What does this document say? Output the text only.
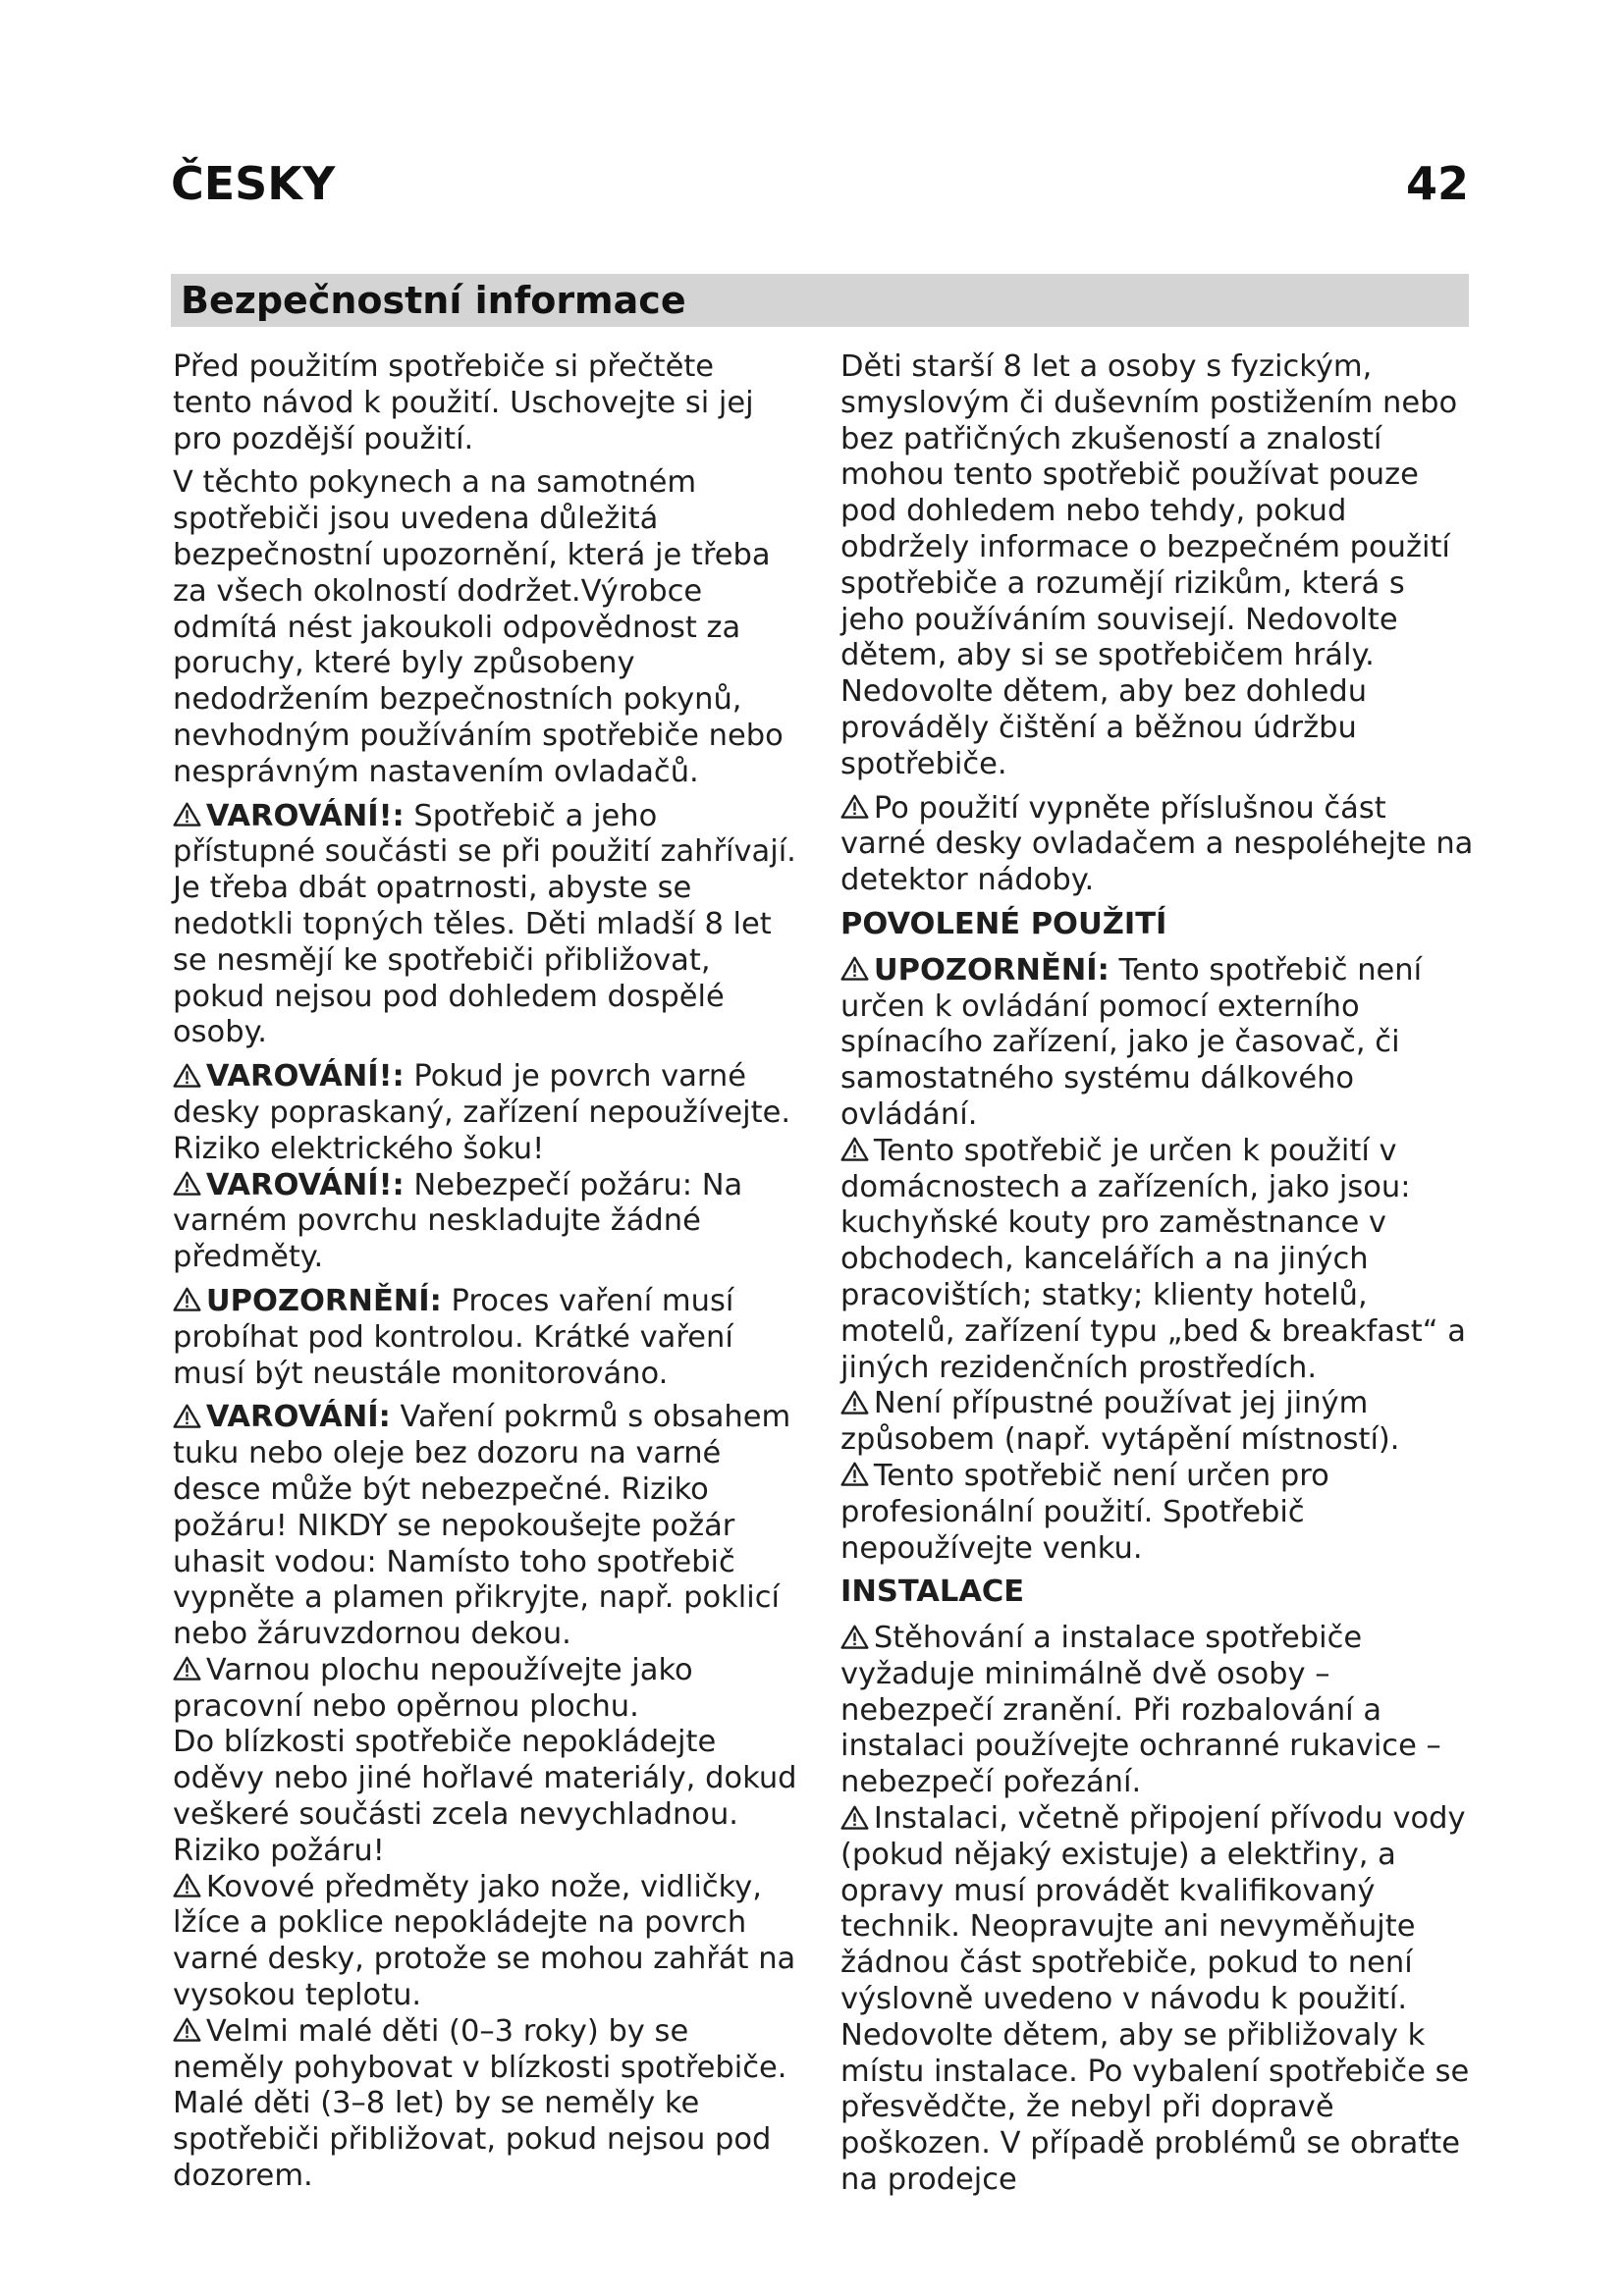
ČESKY	42
Bezpečnostní informace

Před použitím spotřebiče si přečtěte tento návod k použití. Uschovejte si jej pro pozdější použití.

V těchto pokynech a na samotném spotřebiči jsou uvedena důležitá bezpečnostní upozornění, která je třeba za všech okolností dodržet.Výrobce odmítá nést jakoukoli odpovědnost za poruchy, které byly způsobeny nedodržením bezpečnostních pokynů, nevhodným používáním spotřebiče nebo nesprávným nastavením ovladačů.

VAROVÁNÍ!: Spotřebič a jeho přístupné součásti se při použití zahřívají. Je třeba dbát opatrnosti, abyste se nedotkli topných těles. Děti mladší 8 let se nesmějí ke spotřebiči přibližovat, pokud nejsou pod dohledem dospělé osoby.

VAROVÁNÍ!: Pokud je povrch varné desky popraskaný, zařízení nepoužívejte. Riziko elektrického šoku!

VAROVÁNÍ!: Nebezpečí požáru: Na varném povrchu neskladujte žádné předměty.

UPOZORNĚNÍ: Proces vaření musí probíhat pod kontrolou. Krátké vaření musí být neustále monitorováno.

VAROVÁNÍ: Vaření pokrmů s obsahem tuku nebo oleje bez dozoru na varné desce může být nebezpečné. Riziko požáru! NIKDY se nepokoušejte požár uhasit vodou: Namísto toho spotřebič vypněte a plamen přikryjte, např. poklicí nebo žáruvzdornou dekou.

Varnou plochu nepoužívejte jako pracovní nebo opěrnou plochu.

Do blízkosti spotřebiče nepokládejte oděvy nebo jiné hořlavé materiály, dokud veškeré součásti zcela nevychladnou. Riziko požáru!

Kovové předměty jako nože, vidličky, lžíce a poklice nepokládejte na povrch varné desky, protože se mohou zahřát na vysokou teplotu.

Velmi malé děti (0–3 roky) by se neměly pohybovat v blízkosti spotřebiče. Malé děti (3–8 let) by se neměly ke spotřebiči přibližovat, pokud nejsou pod dozorem.

Děti starší 8 let a osoby s fyzickým, smyslovým či duševním postižením nebo bez patřičných zkušeností a znalostí mohou tento spotřebič používat pouze pod dohledem nebo tehdy, pokud obdržely informace o bezpečném použití spotřebiče a rozumějí rizikům, která s jeho používáním souvisejí. Nedovolte dětem, aby si se spotřebičem hrály. Nedovolte dětem, aby bez dohledu prováděly čištění a běžnou údržbu spotřebiče.

Po použití vypněte příslušnou část varné desky ovladačem a nespoléhejte na detektor nádoby.

POVOLENÉ POUŽITÍ

UPOZORNĚNÍ: Tento spotřebič není určen k ovládání pomocí externího spínacího zařízení, jako je časovač, či samostatného systému dálkového ovládání.

Tento spotřebič je určen k použití v domácnostech a zařízeních, jako jsou: kuchyňské kouty pro zaměstnance v obchodech, kancelářích a na jiných pracovištích; statky; klienty hotelů, motelů, zařízení typu „bed & breakfast“ a jiných rezidenčních prostředích.

Není přípustné používat jej jiným způsobem (např. vytápění místností).

Tento spotřebič není určen pro profesionální použití. Spotřebič nepoužívejte venku.

INSTALACE

Stěhování a instalace spotřebiče vyžaduje minimálně dvě osoby – nebezpečí zranění. Při rozbalování a instalaci používejte ochranné rukavice – nebezpečí pořezání.

Instalaci, včetně připojení přívodu vody (pokud nějaký existuje) a elektřiny, a opravy musí provádět kvalifikovaný technik. Neopravujte ani nevyměňujte žádnou část spotřebiče, pokud to není výslovně uvedeno v návodu k použití. Nedovolte dětem, aby se přibližovaly k místu instalace. Po vybalení spotřebiče se přesvědčte, že nebyl při dopravě poškozen. V případě problémů se obraťte na prodejce
